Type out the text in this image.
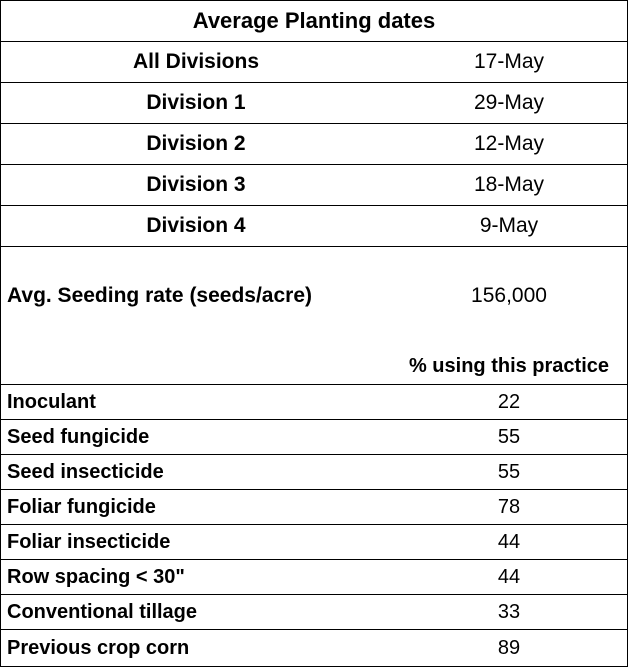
Average Planting dates
All Divisions	17-May
Division 1	29-May
Division 2	12-May
Division 3	18-May
Division 4	9-May
Avg. Seeding rate (seeds/acre)	156,000
% using this practice
Inoculant	22
Seed fungicide	55
Seed insecticide	55
Foliar fungicide	78
Foliar insecticide	44
Row spacing < 30"	44
Conventional tillage	33
Previous crop corn	89
